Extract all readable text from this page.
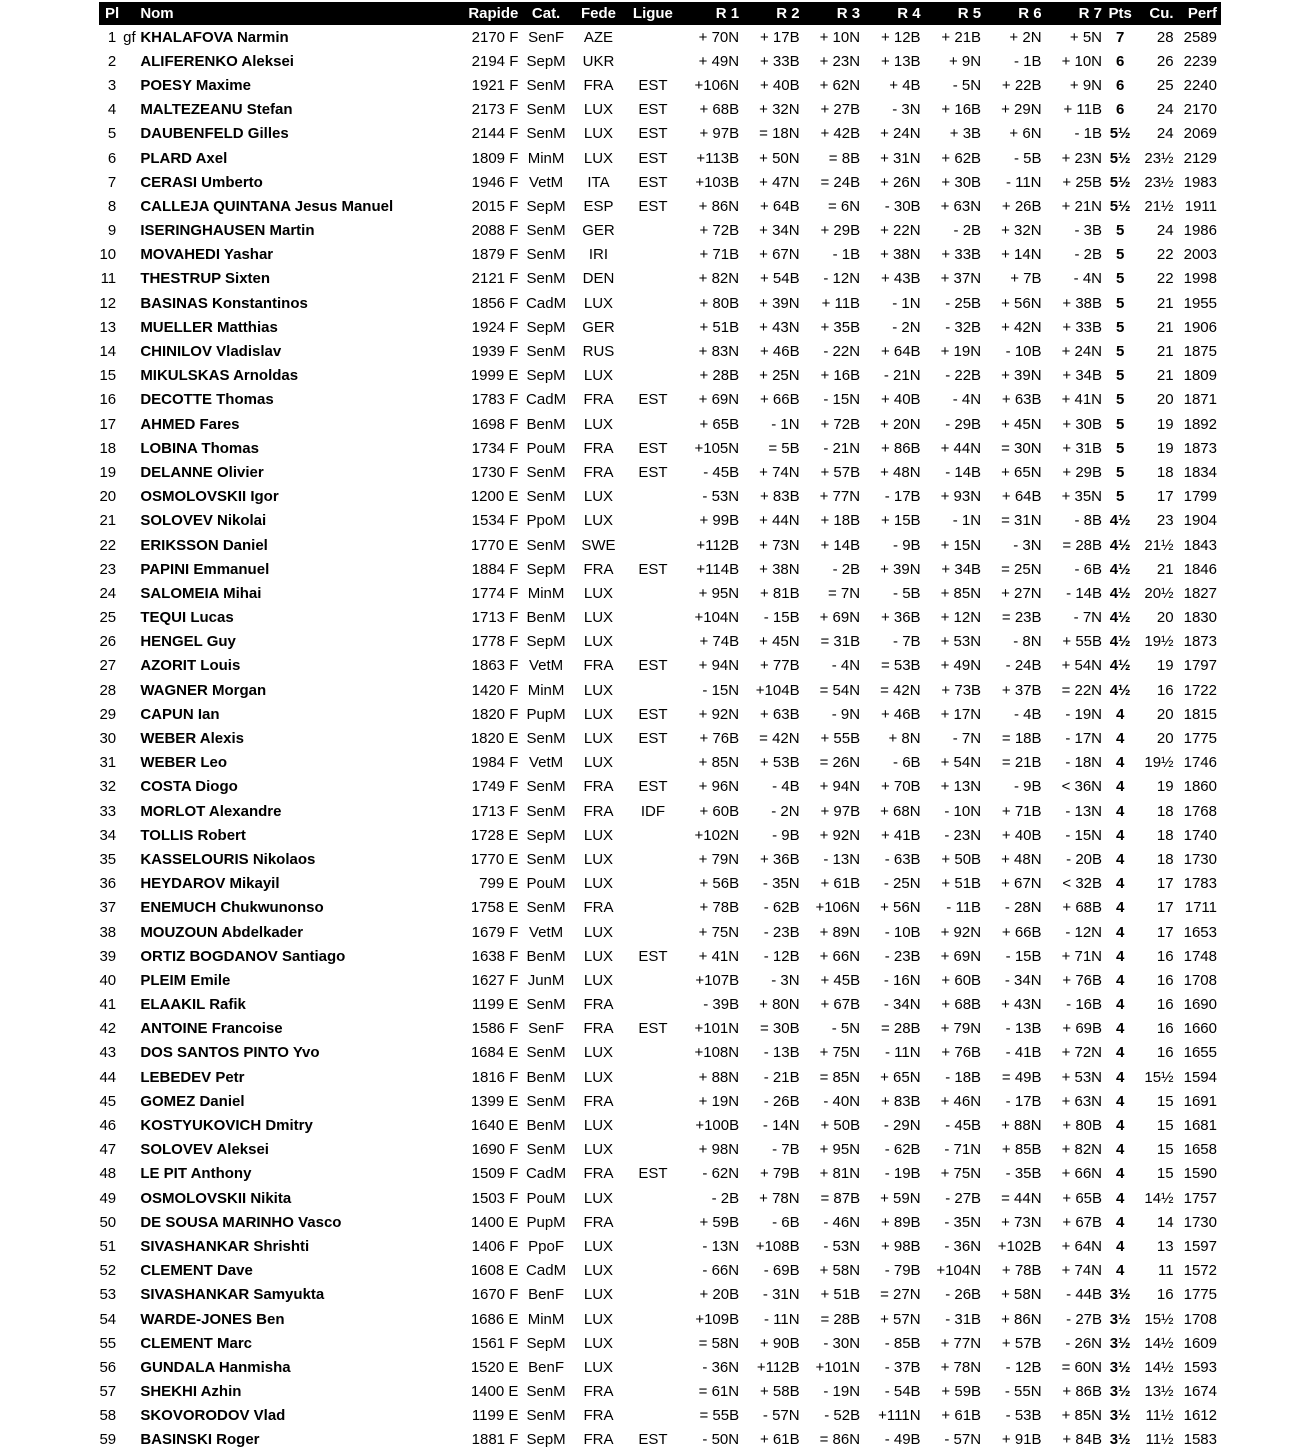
Pl		Nom	Rapide	Cat.	Fede	Ligue	R 1	R 2	R 3	R 4	R 5	R 6	R 7	Pts	Cu.	Perf
1	gf	KHALAFOVA Narmin	2170 F	SenF	AZE		+ 70N	+ 17B	+ 10N	+ 12B	+ 21B	+ 2N	+ 5N	7	28	2589
2		ALIFERENKO Aleksei	2194 F	SepM	UKR		+ 49N	+ 33B	+ 23N	+ 13B	+ 9N	- 1B	+ 10N	6	26	2239
3		POESY Maxime	1921 F	SenM	FRA	EST	+106N	+ 40B	+ 62N	+ 4B	- 5N	+ 22B	+ 9N	6	25	2240
4		MALTEZEANU Stefan	2173 F	SenM	LUX	EST	+ 68B	+ 32N	+ 27B	- 3N	+ 16B	+ 29N	+ 11B	6	24	2170
5		DAUBENFELD Gilles	2144 F	SenM	LUX	EST	+ 97B	= 18N	+ 42B	+ 24N	+ 3B	+ 6N	- 1B	5½	24	2069
6		PLARD Axel	1809 F	MinM	LUX	EST	+113B	+ 50N	= 8B	+ 31N	+ 62B	- 5B	+ 23N	5½	23½	2129
7		CERASI Umberto	1946 F	VetM	ITA	EST	+103B	+ 47N	= 24B	+ 26N	+ 30B	- 11N	+ 25B	5½	23½	1983
8		CALLEJA QUINTANA Jesus Manuel	2015 F	SepM	ESP	EST	+ 86N	+ 64B	= 6N	- 30B	+ 63N	+ 26B	+ 21N	5½	21½	1911
9		ISERINGHAUSEN Martin	2088 F	SenM	GER		+ 72B	+ 34N	+ 29B	+ 22N	- 2B	+ 32N	- 3B	5	24	1986
10		MOVAHEDI Yashar	1879 F	SenM	IRI		+ 71B	+ 67N	- 1B	+ 38N	+ 33B	+ 14N	- 2B	5	22	2003
11		THESTRUP Sixten	2121 F	SenM	DEN		+ 82N	+ 54B	- 12N	+ 43B	+ 37N	+ 7B	- 4N	5	22	1998
12		BASINAS Konstantinos	1856 F	CadM	LUX		+ 80B	+ 39N	+ 11B	- 1N	- 25B	+ 56N	+ 38B	5	21	1955
13		MUELLER Matthias	1924 F	SepM	GER		+ 51B	+ 43N	+ 35B	- 2N	- 32B	+ 42N	+ 33B	5	21	1906
14		CHINILOV Vladislav	1939 F	SenM	RUS		+ 83N	+ 46B	- 22N	+ 64B	+ 19N	- 10B	+ 24N	5	21	1875
15		MIKULSKAS Arnoldas	1999 E	SepM	LUX		+ 28B	+ 25N	+ 16B	- 21N	- 22B	+ 39N	+ 34B	5	21	1809
16		DECOTTE Thomas	1783 F	CadM	FRA	EST	+ 69N	+ 66B	- 15N	+ 40B	- 4N	+ 63B	+ 41N	5	20	1871
17		AHMED Fares	1698 F	BenM	LUX		+ 65B	- 1N	+ 72B	+ 20N	- 29B	+ 45N	+ 30B	5	19	1892
18		LOBINA Thomas	1734 F	PouM	FRA	EST	+105N	= 5B	- 21N	+ 86B	+ 44N	= 30N	+ 31B	5	19	1873
19		DELANNE Olivier	1730 F	SenM	FRA	EST	- 45B	+ 74N	+ 57B	+ 48N	- 14B	+ 65N	+ 29B	5	18	1834
20		OSMOLOVSKII Igor	1200 E	SenM	LUX		- 53N	+ 83B	+ 77N	- 17B	+ 93N	+ 64B	+ 35N	5	17	1799
21		SOLOVEV Nikolai	1534 F	PpoM	LUX		+ 99B	+ 44N	+ 18B	+ 15B	- 1N	= 31N	- 8B	4½	23	1904
22		ERIKSSON Daniel	1770 E	SenM	SWE		+112B	+ 73N	+ 14B	- 9B	+ 15N	- 3N	= 28B	4½	21½	1843
23		PAPINI Emmanuel	1884 F	SepM	FRA	EST	+114B	+ 38N	- 2B	+ 39N	+ 34B	= 25N	- 6B	4½	21	1846
24		SALOMEIA Mihai	1774 F	MinM	LUX		+ 95N	+ 81B	= 7N	- 5B	+ 85N	+ 27N	- 14B	4½	20½	1827
25		TEQUI Lucas	1713 F	BenM	LUX		+104N	- 15B	+ 69N	+ 36B	+ 12N	= 23B	- 7N	4½	20	1830
26		HENGEL Guy	1778 F	SepM	LUX		+ 74B	+ 45N	= 31B	- 7B	+ 53N	- 8N	+ 55B	4½	19½	1873
27		AZORIT Louis	1863 F	VetM	FRA	EST	+ 94N	+ 77B	- 4N	= 53B	+ 49N	- 24B	+ 54N	4½	19	1797
28		WAGNER Morgan	1420 F	MinM	LUX		- 15N	+104B	= 54N	= 42N	+ 73B	+ 37B	= 22N	4½	16	1722
29		CAPUN Ian	1820 F	PupM	LUX	EST	+ 92N	+ 63B	- 9N	+ 46B	+ 17N	- 4B	- 19N	4	20	1815
30		WEBER Alexis	1820 E	SenM	LUX	EST	+ 76B	= 42N	+ 55B	+ 8N	- 7N	= 18B	- 17N	4	20	1775
31		WEBER Leo	1984 F	VetM	LUX		+ 85N	+ 53B	= 26N	- 6B	+ 54N	= 21B	- 18N	4	19½	1746
32		COSTA Diogo	1749 F	SenM	FRA	EST	+ 96N	- 4B	+ 94N	+ 70B	+ 13N	- 9B	< 36N	4	19	1860
33		MORLOT Alexandre	1713 F	SenM	FRA	IDF	+ 60B	- 2N	+ 97B	+ 68N	- 10N	+ 71B	- 13N	4	18	1768
34		TOLLIS Robert	1728 E	SepM	LUX		+102N	- 9B	+ 92N	+ 41B	- 23N	+ 40B	- 15N	4	18	1740
35		KASSELOURIS Nikolaos	1770 E	SenM	LUX		+ 79N	+ 36B	- 13N	- 63B	+ 50B	+ 48N	- 20B	4	18	1730
36		HEYDAROV Mikayil	799 E	PouM	LUX		+ 56B	- 35N	+ 61B	- 25N	+ 51B	+ 67N	< 32B	4	17	1783
37		ENEMUCH Chukwunonso	1758 E	SenM	FRA		+ 78B	- 62B	+106N	+ 56N	- 11B	- 28N	+ 68B	4	17	1711
38		MOUZOUN Abdelkader	1679 F	VetM	LUX		+ 75N	- 23B	+ 89N	- 10B	+ 92N	+ 66B	- 12N	4	17	1653
39		ORTIZ BOGDANOV Santiago	1638 F	BenM	LUX	EST	+ 41N	- 12B	+ 66N	- 23B	+ 69N	- 15B	+ 71N	4	16	1748
40		PLEIM Emile	1627 F	JunM	LUX		+107B	- 3N	+ 45B	- 16N	+ 60B	- 34N	+ 76B	4	16	1708
41		ELAAKIL Rafik	1199 E	SenM	FRA		- 39B	+ 80N	+ 67B	- 34N	+ 68B	+ 43N	- 16B	4	16	1690
42		ANTOINE Francoise	1586 F	SenF	FRA	EST	+101N	= 30B	- 5N	= 28B	+ 79N	- 13B	+ 69B	4	16	1660
43		DOS SANTOS PINTO Yvo	1684 E	SenM	LUX		+108N	- 13B	+ 75N	- 11N	+ 76B	- 41B	+ 72N	4	16	1655
44		LEBEDEV Petr	1816 F	BenM	LUX		+ 88N	- 21B	= 85N	+ 65N	- 18B	= 49B	+ 53N	4	15½	1594
45		GOMEZ Daniel	1399 E	SenM	FRA		+ 19N	- 26B	- 40N	+ 83B	+ 46N	- 17B	+ 63N	4	15	1691
46		KOSTYUKOVICH Dmitry	1640 E	BenM	LUX		+100B	- 14N	+ 50B	- 29N	- 45B	+ 88N	+ 80B	4	15	1681
47		SOLOVEV Aleksei	1690 F	SenM	LUX		+ 98N	- 7B	+ 95N	- 62B	- 71N	+ 85B	+ 82N	4	15	1658
48		LE PIT Anthony	1509 F	CadM	FRA	EST	- 62N	+ 79B	+ 81N	- 19B	+ 75N	- 35B	+ 66N	4	15	1590
49		OSMOLOVSKII Nikita	1503 F	PouM	LUX		- 2B	+ 78N	= 87B	+ 59N	- 27B	= 44N	+ 65B	4	14½	1757
50		DE SOUSA MARINHO Vasco	1400 E	PupM	FRA		+ 59B	- 6B	- 46N	+ 89B	- 35N	+ 73N	+ 67B	4	14	1730
51		SIVASHANKAR Shrishti	1406 F	PpoF	LUX		- 13N	+108B	- 53N	+ 98B	- 36N	+102B	+ 64N	4	13	1597
52		CLEMENT Dave	1608 E	CadM	LUX		- 66N	- 69B	+ 58N	- 79B	+104N	+ 78B	+ 74N	4	11	1572
53		SIVASHANKAR Samyukta	1670 F	BenF	LUX		+ 20B	- 31N	+ 51B	= 27N	- 26B	+ 58N	- 44B	3½	16	1775
54		WARDE-JONES Ben	1686 E	MinM	LUX		+109B	- 11N	= 28B	+ 57N	- 31B	+ 86N	- 27B	3½	15½	1708
55		CLEMENT Marc	1561 F	SepM	LUX		= 58N	+ 90B	- 30N	- 85B	+ 77N	+ 57B	- 26N	3½	14½	1609
56		GUNDALA Hanmisha	1520 E	BenF	LUX		- 36N	+112B	+101N	- 37B	+ 78N	- 12B	= 60N	3½	14½	1593
57		SHEKHI Azhin	1400 E	SenM	FRA		= 61N	+ 58B	- 19N	- 54B	+ 59B	- 55N	+ 86B	3½	13½	1674
58		SKOVORODOV Vlad	1199 E	SenM	FRA		= 55B	- 57N	- 52B	+111N	+ 61B	- 53B	+ 85N	3½	11½	1612
59		BASINSKI Roger	1881 F	SepM	FRA	EST	- 50N	+ 61B	= 86N	- 49B	- 57N	+ 91B	+ 84B	3½	11½	1583
